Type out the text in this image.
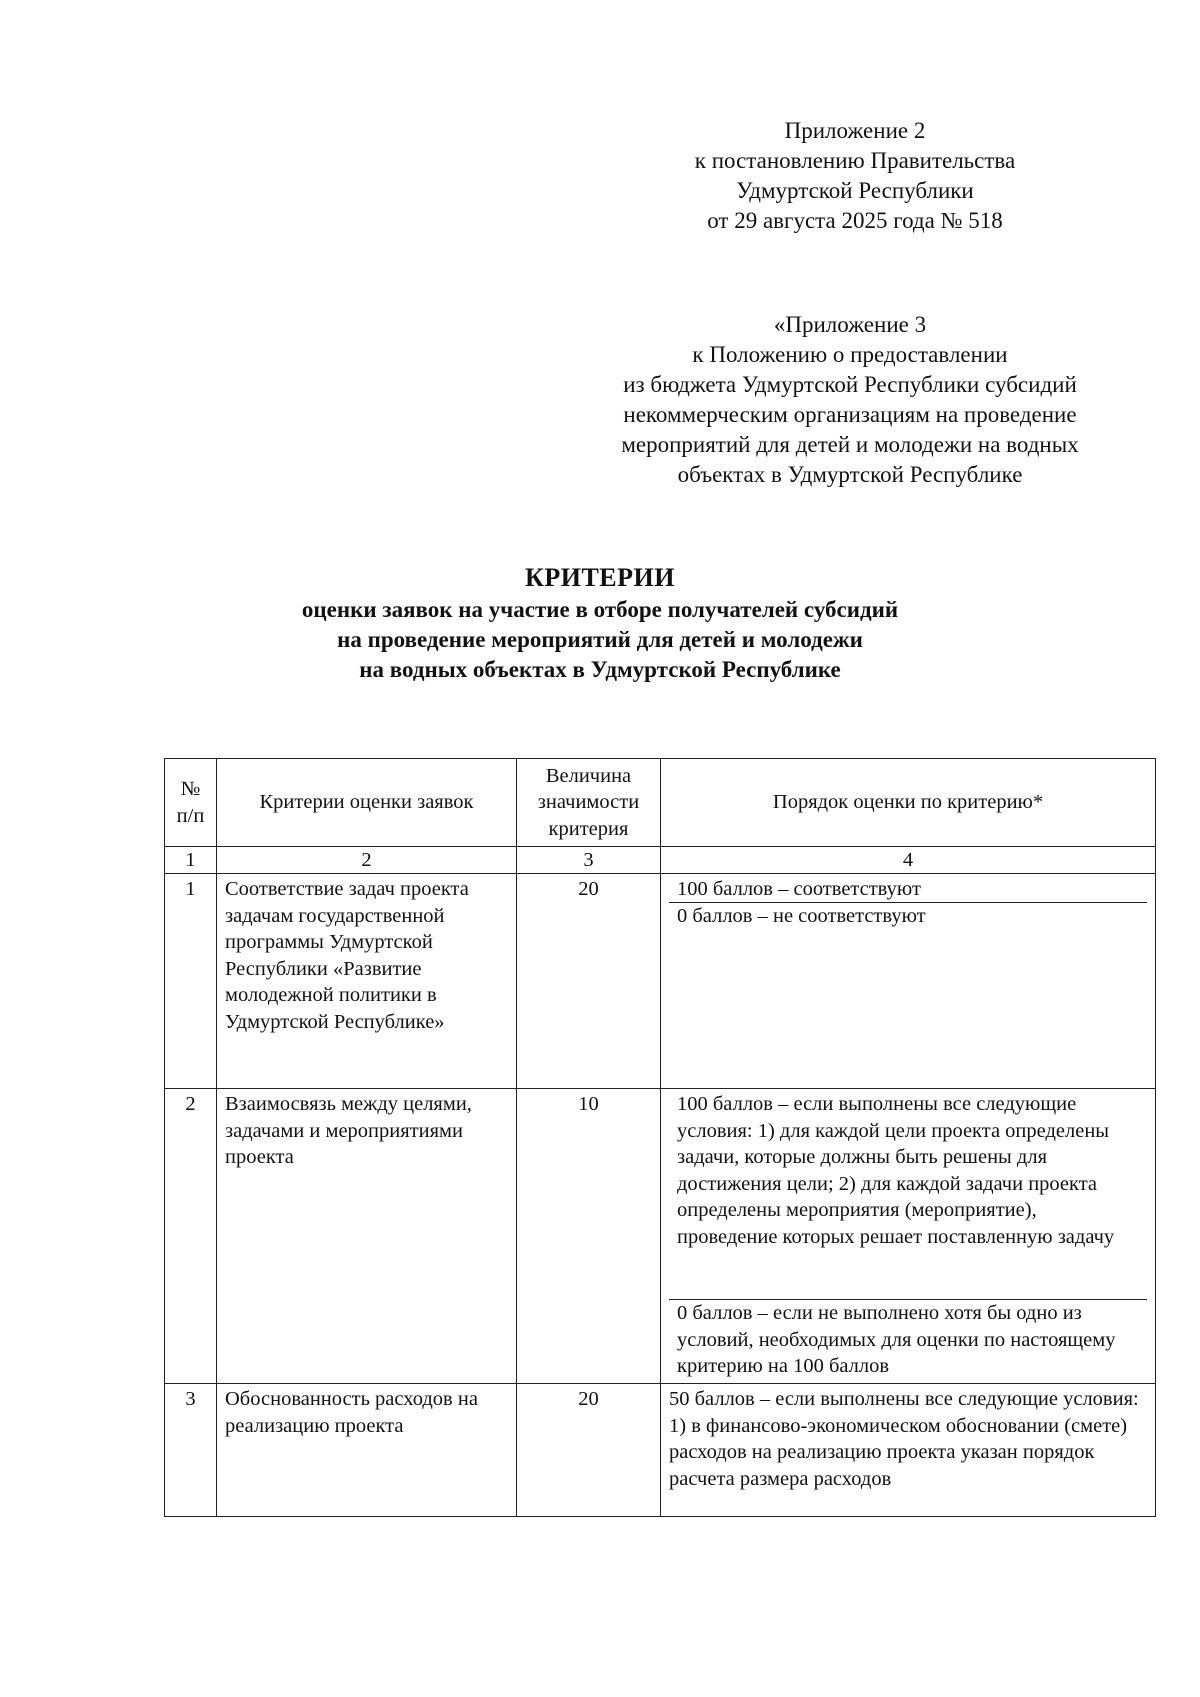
Приложение 2
к постановлению Правительства
Удмуртской Республики
от 29 августа 2025 года № 518
«Приложение 3
к Положению о предоставлении
из бюджета Удмуртской Республики субсидий
некоммерческим организациям на проведение
мероприятий для детей и молодежи на водных
объектах в Удмуртской Республике
КРИТЕРИИ
оценки заявок на участие в отборе получателей субсидий
на проведение мероприятий для детей и молодежи
на водных объектах в Удмуртской Республике
№ п/п	Критерии оценки заявок	Величина значимости критерия	Порядок оценки по критерию*
1	2	3	4
1	Соответствие задач проекта задачам государственной программы Удмуртской Республики «Развитие молодежной политики в Удмуртской Республике»	20	100 баллов – соответствуют
0 баллов – не соответствуют

2	Взаимосвязь между целями, задачами и мероприятиями проекта	10	100 баллов – если выполнены все следующие условия: 1) для каждой цели проекта определены задачи, которые должны быть решены для достижения цели; 2) для каждой задачи проекта определены мероприятия (мероприятие), проведение которых решает поставленную задачу
0 баллов – если не выполнено хотя бы одно из условий, необходимых для оценки по настоящему критерию на 100 баллов

3	Обоснованность расходов на реализацию проекта	20	50 баллов – если выполнены все следующие условия: 1) в финансово-экономическом обосновании (смете) расходов на реализацию проекта указан порядок расчета размера расходов
